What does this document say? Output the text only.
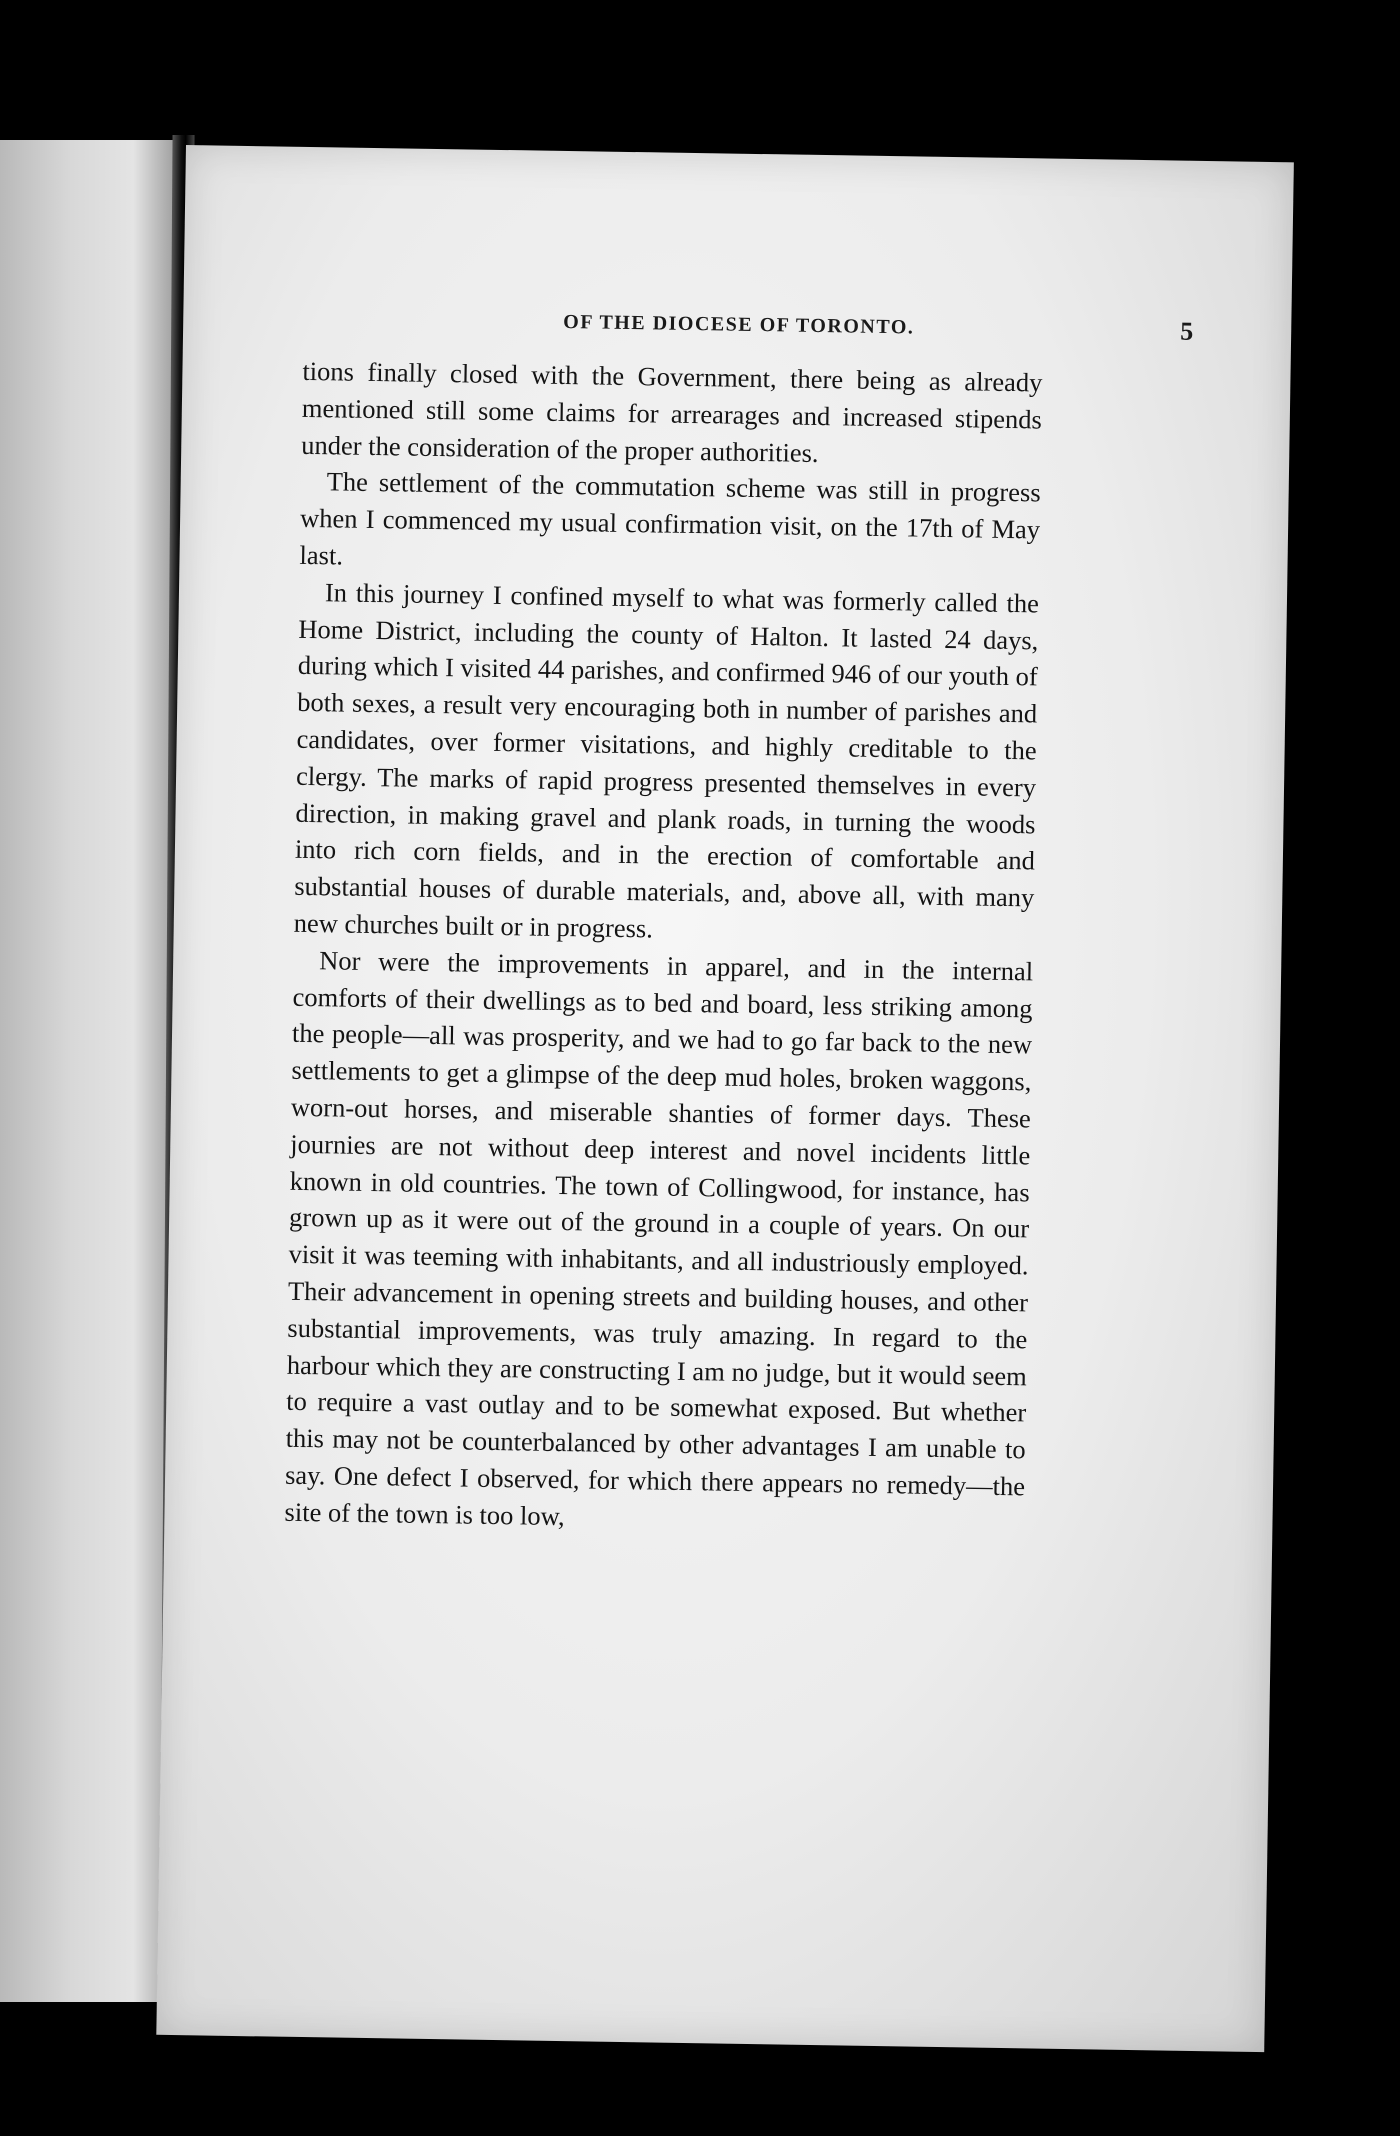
OF THE DIOCESE OF TORONTO.	5

tions finally closed with the Government, there being as already mentioned still some claims for arrearages and increased stipends under the consideration of the proper authorities.

The settlement of the commutation scheme was still in progress when I commenced my usual confirmation visit, on the 17th of May last.

In this journey I confined myself to what was formerly called the Home District, including the county of Halton. It lasted 24 days, during which I visited 44 parishes, and confirmed 946 of our youth of both sexes, a result very encouraging both in number of parishes and candidates, over former visitations, and highly creditable to the clergy. The marks of rapid progress presented themselves in every direction, in making gravel and plank roads, in turning the woods into rich corn fields, and in the erection of comfortable and substantial houses of durable materials, and, above all, with many new churches built or in progress.

Nor were the improvements in apparel, and in the internal comforts of their dwellings as to bed and board, less striking among the people—all was prosperity, and we had to go far back to the new settlements to get a glimpse of the deep mud holes, broken waggons, worn-out horses, and miserable shanties of former days. These journies are not without deep interest and novel incidents little known in old countries. The town of Collingwood, for instance, has grown up as it were out of the ground in a couple of years. On our visit it was teeming with inhabitants, and all industriously employed. Their advancement in opening streets and building houses, and other substantial improvements, was truly amazing. In regard to the harbour which they are constructing I am no judge, but it would seem to require a vast outlay and to be somewhat exposed. But whether this may not be counterbalanced by other advantages I am unable to say. One defect I observed, for which there appears no remedy—the site of the town is too low,
